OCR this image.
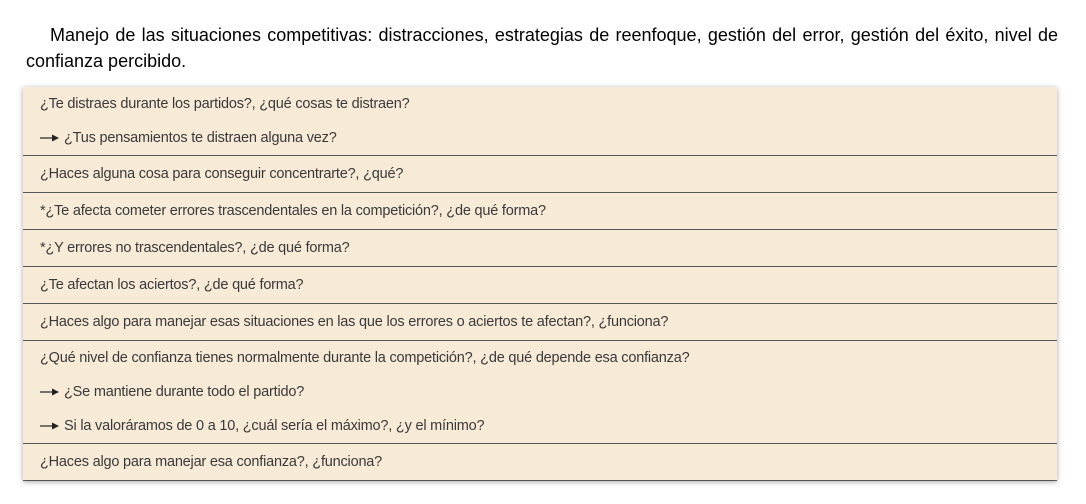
Manejo de las situaciones competitivas: distracciones, estrategias de reenfoque, gestión del error, gestión del éxito, nivel de confianza percibido.
¿Te distraes durante los partidos?, ¿qué cosas te distraen?
¿Tus pensamientos te distraen alguna vez?
¿Haces alguna cosa para conseguir concentrarte?, ¿qué?
*¿Te afecta cometer errores trascendentales en la competición?, ¿de qué forma?
*¿Y errores no trascendentales?, ¿de qué forma?
¿Te afectan los aciertos?, ¿de qué forma?
¿Haces algo para manejar esas situaciones en las que los errores o aciertos te afectan?, ¿funciona?
¿Qué nivel de confianza tienes normalmente durante la competición?, ¿de qué depende esa confianza?
¿Se mantiene durante todo el partido?
Si la valoráramos de 0 a 10, ¿cuál sería el máximo?, ¿y el mínimo?
¿Haces algo para manejar esa confianza?, ¿funciona?
